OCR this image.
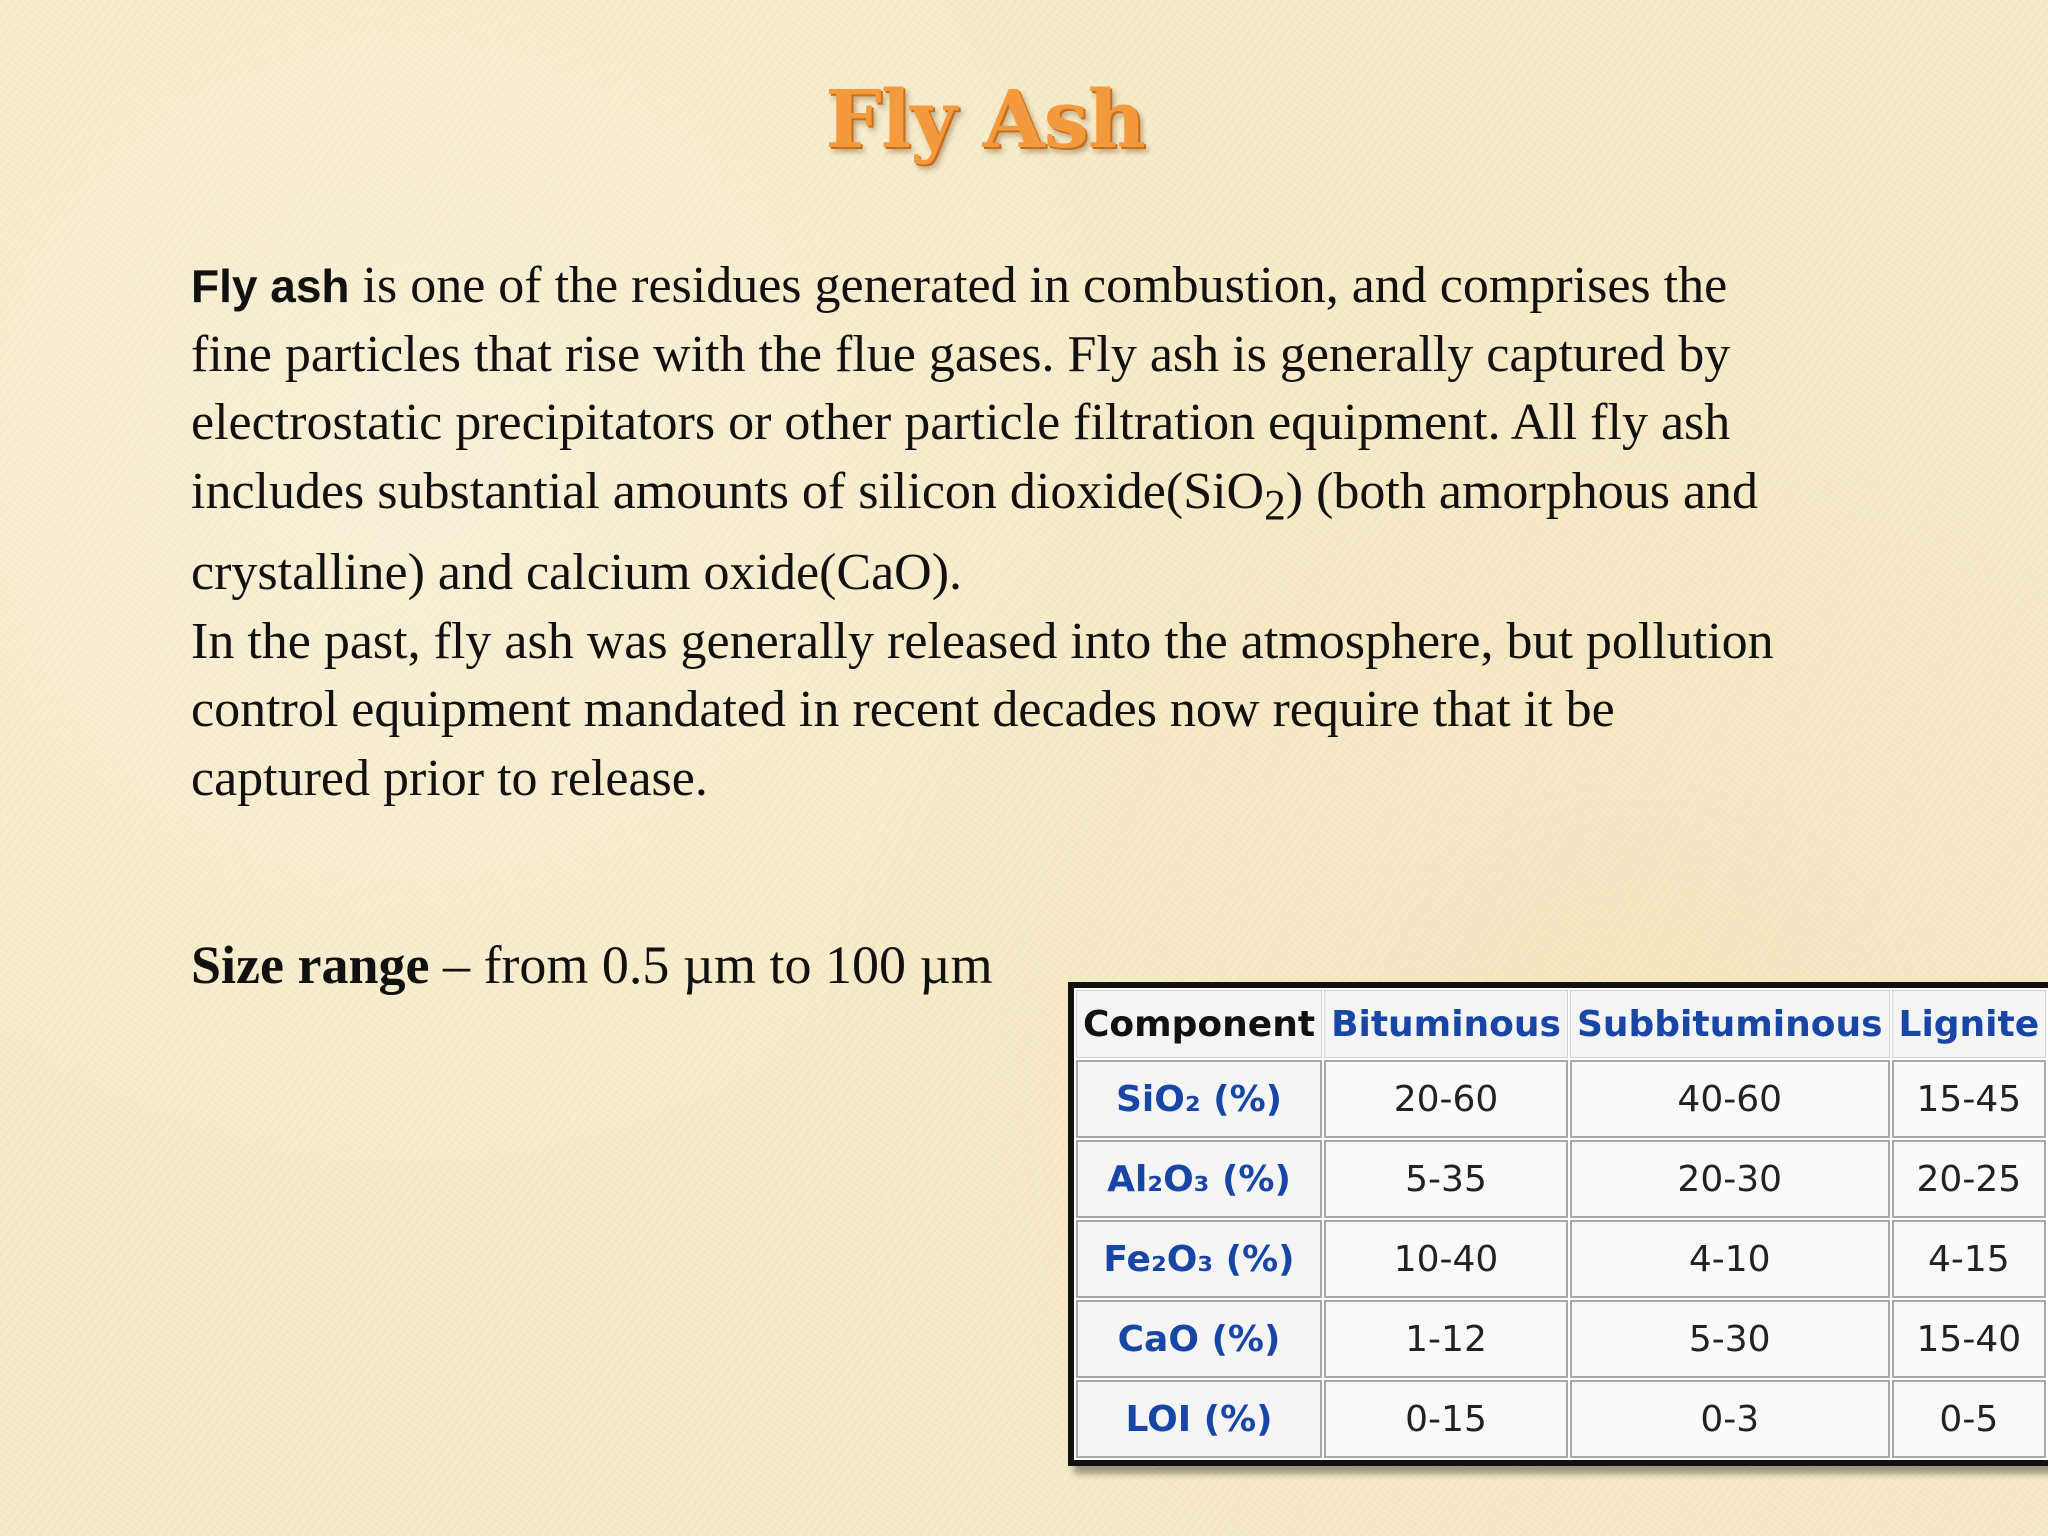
Fly Ash

Fly ash is one of the residues generated in combustion, and comprises the fine particles that rise with the flue gases. Fly ash is generally captured by electrostatic precipitators or other particle filtration equipment. All fly ash includes substantial amounts of silicon dioxide(SiO$_2$) (both amorphous and crystalline) and calcium oxide(CaO).

In the past, fly ash was generally released into the atmosphere, but pollution control equipment mandated in recent decades now require that it be captured prior to release.

Size range – from 0.5 µm to 100 µm
Component	Bituminous	Subbituminous	Lignite
SiO₂ (%)	20-60	40-60	15-45
Al₂O₃ (%)	5-35	20-30	20-25
Fe₂O₃ (%)	10-40	4-10	4-15
CaO (%)	1-12	5-30	15-40
LOI (%)	0-15	0-3	0-5
